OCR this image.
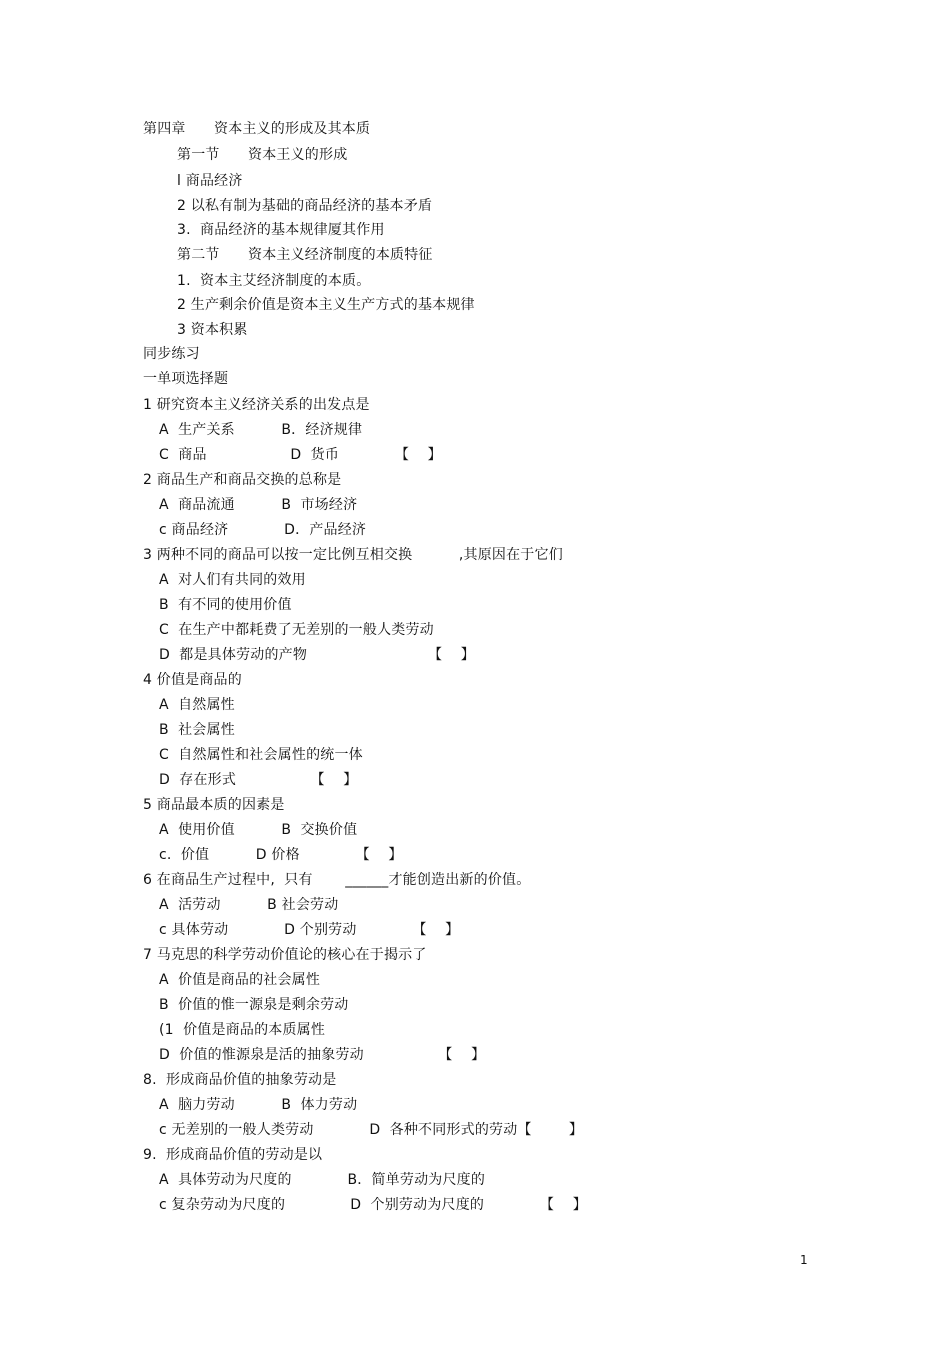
第四章　　资本主义的形成及其本质
第一节　　资本王义的形成
l 商品经济
2 以私有制为基础的商品经济的基本矛盾
3.  商品经济的基本规律厦其作用
第二节　　资本主义经济制度的本质特征
1.  资本主艾经济制度的本质。
2 生产剩余价值是资本主义生产方式的基本规律
3 资本积累
同步练习
一单项选择题
1 研究资本主义经济关系的出发点是
A  生产关系          B．经济规律
C  商品                  D  货币            【    】
2 商品生产和商品交换的总称是
A  商品流通          B  市场经济
c 商品经济            D．产品经济
3 两种不同的商品可以按一定比例互相交换          ,其原因在于它们
A  对人们有共同的效用
B  有不同的使用价值
C  在生产中都耗费了无差别的一般人类劳动
D  都是具体劳动的产物                          【    】
4 价值是商品的
A  自然属性
B  社会属性
C  自然属性和社会属性的统一体
D  存在形式                【    】
5 商品最本质的因素是
A  使用价值          B  交换价值
c.  价值          D 价格            【    】
6 在商品生产过程中,  只有       ______才能创造出新的价值。
A  活劳动          B 社会劳动
c 具体劳动            D 个别劳动            【    】
7 马克思的科学劳动价值论的核心在于揭示了
A  价值是商品的社会属性
B  价值的惟一源泉是剩余劳动
(1  价值是商品的本质属性
D  价值的惟源泉是活的抽象劳动                【    】
8.  形成商品价值的抽象劳动是
A  脑力劳动          B  体力劳动
c 无差别的一般人类劳动            D  各种不同形式的劳动【        】
9.  形成商品价值的劳动是以
A  具体劳动为尺度的            B．简单劳动为尺度的
c 复杂劳动为尺度的              D  个别劳动为尺度的            【    】
1
